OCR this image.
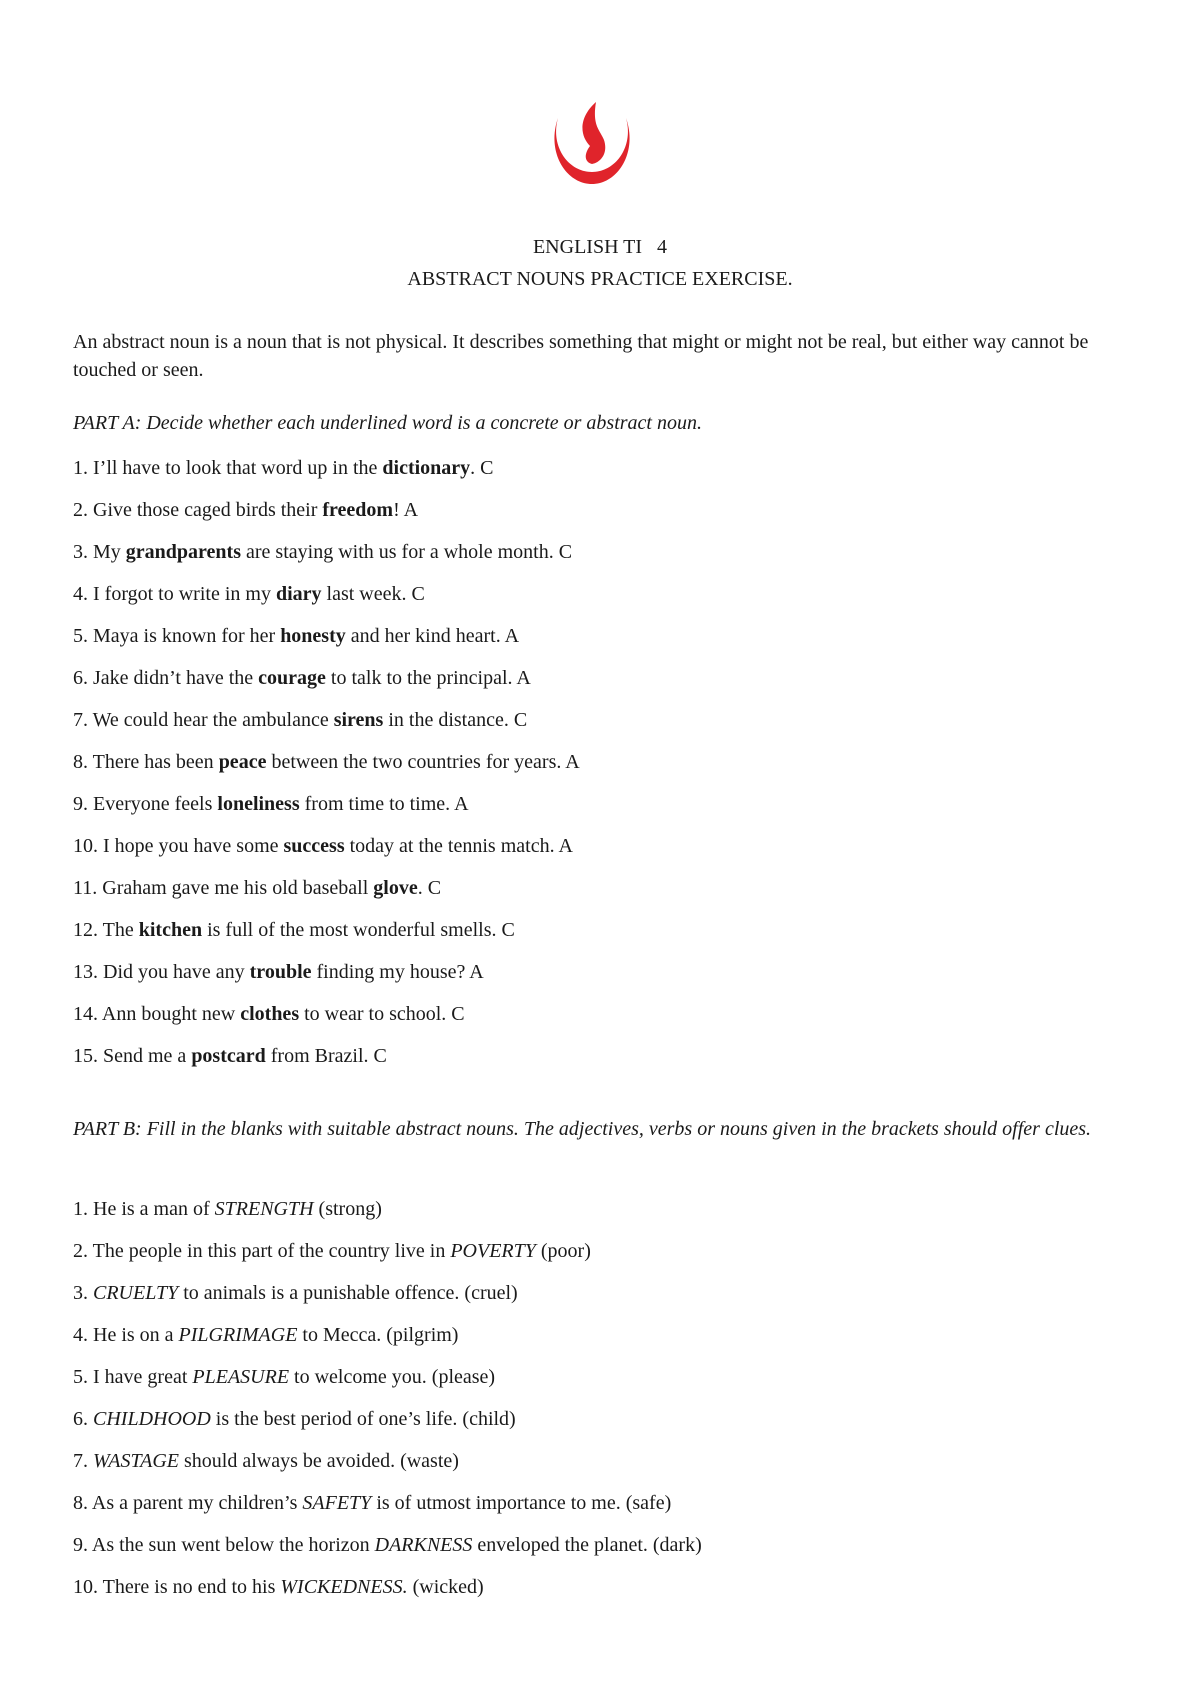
ENGLISH TI   4
ABSTRACT NOUNS PRACTICE EXERCISE.
An abstract noun is a noun that is not physical. It describes something that might or might not be real, but either way cannot be touched or seen.
PART A: Decide whether each underlined word is a concrete or abstract noun.
1. I’ll have to look that word up in the dictionary. C
2. Give those caged birds their freedom! A
3. My grandparents are staying with us for a whole month. C
4. I forgot to write in my diary last week. C
5. Maya is known for her honesty and her kind heart. A
6. Jake didn’t have the courage to talk to the principal. A
7. We could hear the ambulance sirens in the distance. C
8. There has been peace between the two countries for years. A
9. Everyone feels loneliness from time to time. A
10. I hope you have some success today at the tennis match. A
11. Graham gave me his old baseball glove. C
12. The kitchen is full of the most wonderful smells. C
13. Did you have any trouble finding my house? A
14. Ann bought new clothes to wear to school. C
15. Send me a postcard from Brazil. C
PART B: Fill in the blanks with suitable abstract nouns. The adjectives, verbs or nouns given in the brackets should offer clues.
1. He is a man of STRENGTH (strong)
2. The people in this part of the country live in POVERTY (poor)
3. CRUELTY to animals is a punishable offence. (cruel)
4. He is on a PILGRIMAGE to Mecca. (pilgrim)
5. I have great PLEASURE to welcome you. (please)
6. CHILDHOOD is the best period of one’s life. (child)
7. WASTAGE should always be avoided. (waste)
8. As a parent my children’s SAFETY is of utmost importance to me. (safe)
9. As the sun went below the horizon DARKNESS enveloped the planet. (dark)
10. There is no end to his WICKEDNESS. (wicked)
